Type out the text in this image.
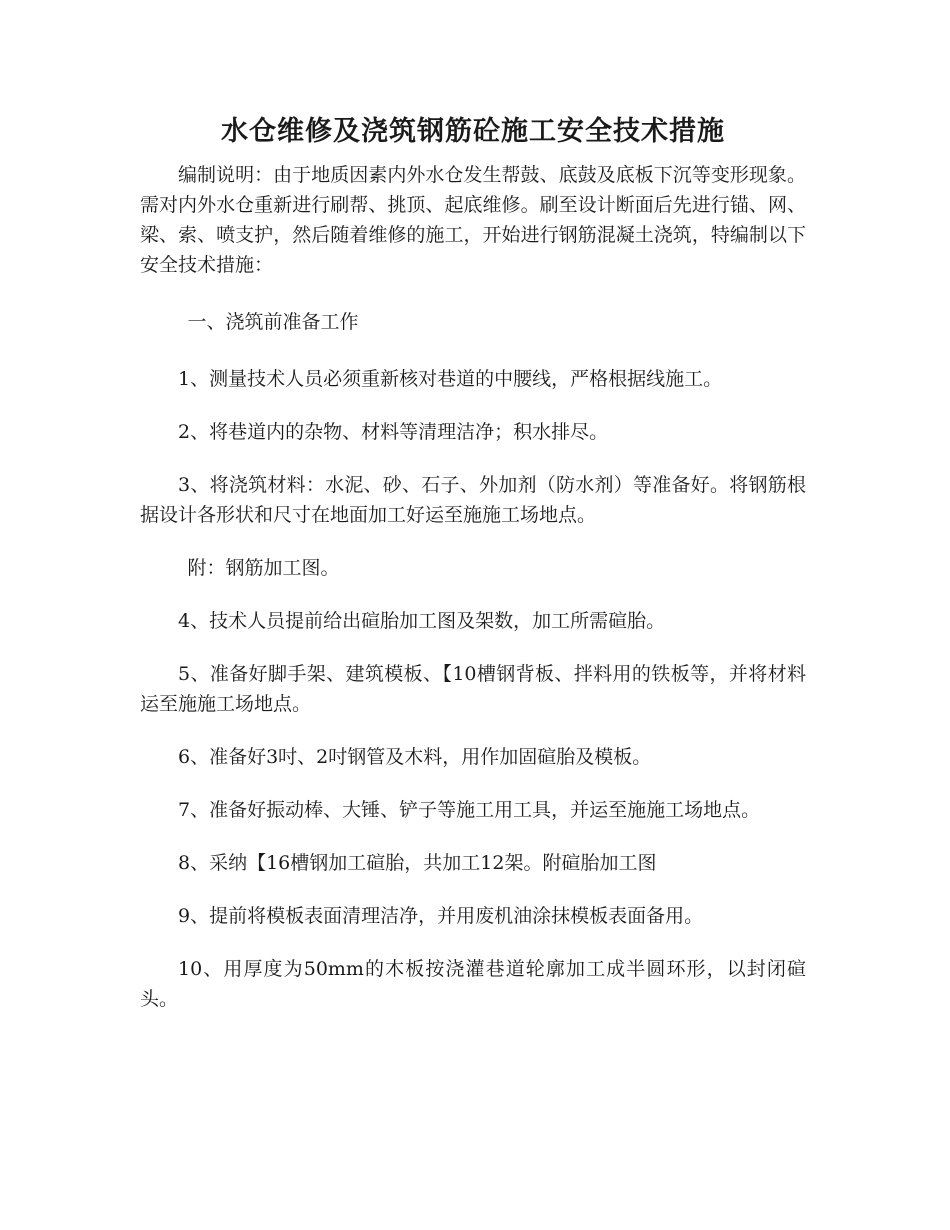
水仓维修及浇筑钢筋砼施工安全技术措施

编制说明：由于地质因素内外水仓发生帮鼓、底鼓及底板下沉等变形现象。需对内外水仓重新进行刷帮、挑顶、起底维修。刷至设计断面后先进行锚、网、梁、索、喷支护，然后随着维修的施工，开始进行钢筋混凝土浇筑，特编制以下安全技术措施：

一、浇筑前准备工作

1、测量技术人员必须重新核对巷道的中腰线，严格根据线施工。

2、将巷道内的杂物、材料等清理洁净；积水排尽。

3、将浇筑材料：水泥、砂、石子、外加剂（防水剂）等准备好。将钢筋根据设计各形状和尺寸在地面加工好运至施施工场地点。

附：钢筋加工图。

4、技术人员提前给出碹胎加工图及架数，加工所需碹胎。

5、准备好脚手架、建筑模板、【10槽钢背板、拌料用的铁板等，并将材料运至施施工场地点。

6、准备好3吋、2吋钢管及木料，用作加固碹胎及模板。

7、准备好振动棒、大锤、铲子等施工用工具，并运至施施工场地点。

8、采纳【16槽钢加工碹胎，共加工12架。附碹胎加工图

9、提前将模板表面清理洁净，并用废机油涂抹模板表面备用。

10、用厚度为50mm的木板按浇灌巷道轮廓加工成半圆环形，以封闭碹头。
